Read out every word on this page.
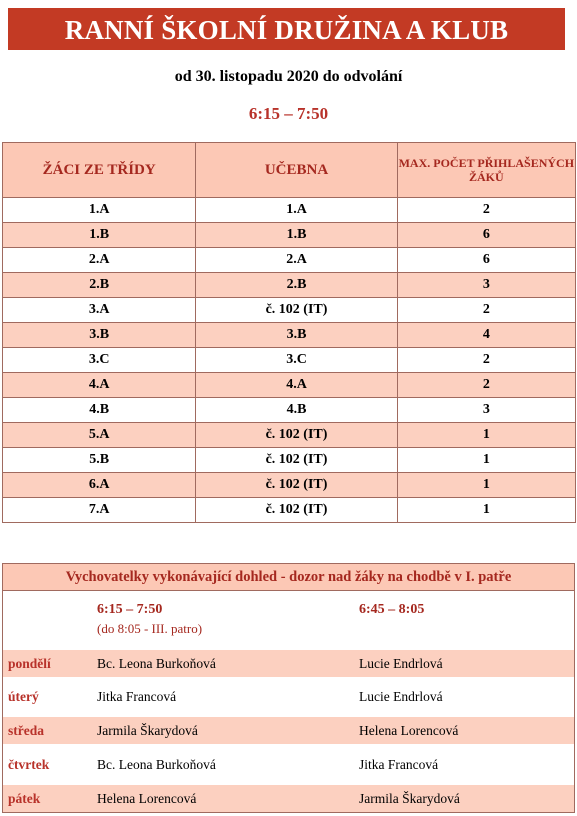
RANNÍ ŠKOLNÍ DRUŽINA A KLUB
od 30. listopadu 2020 do odvolání
6:15 – 7:50
ŽÁCI ZE TŘÍDY	UČEBNA	MAX. POČET PŘIHLAŠENÝCH ŽÁKŮ
1.A	1.A	2
1.B	1.B	6
2.A	2.A	6
2.B	2.B	3
3.A	č. 102 (IT)	2
3.B	3.B	4
3.C	3.C	2
4.A	4.A	2
4.B	4.B	3
5.A	č. 102 (IT)	1
5.B	č. 102 (IT)	1
6.A	č. 102 (IT)	1
7.A	č. 102 (IT)	1
Vychovatelky vykonávající dohled - dozor nad žáky na chodbě v I. patře
6:15 – 7:50
(do 8:05 - III. patro)
6:45 – 8:05
pondělí	Bc. Leona Burkoňová	Lucie Endrlová
úterý	Jitka Francová	Lucie Endrlová
středa	Jarmila Škarydová	Helena Lorencová
čtvrtek	Bc. Leona Burkoňová	Jitka Francová
pátek	Helena Lorencová	Jarmila Škarydová
